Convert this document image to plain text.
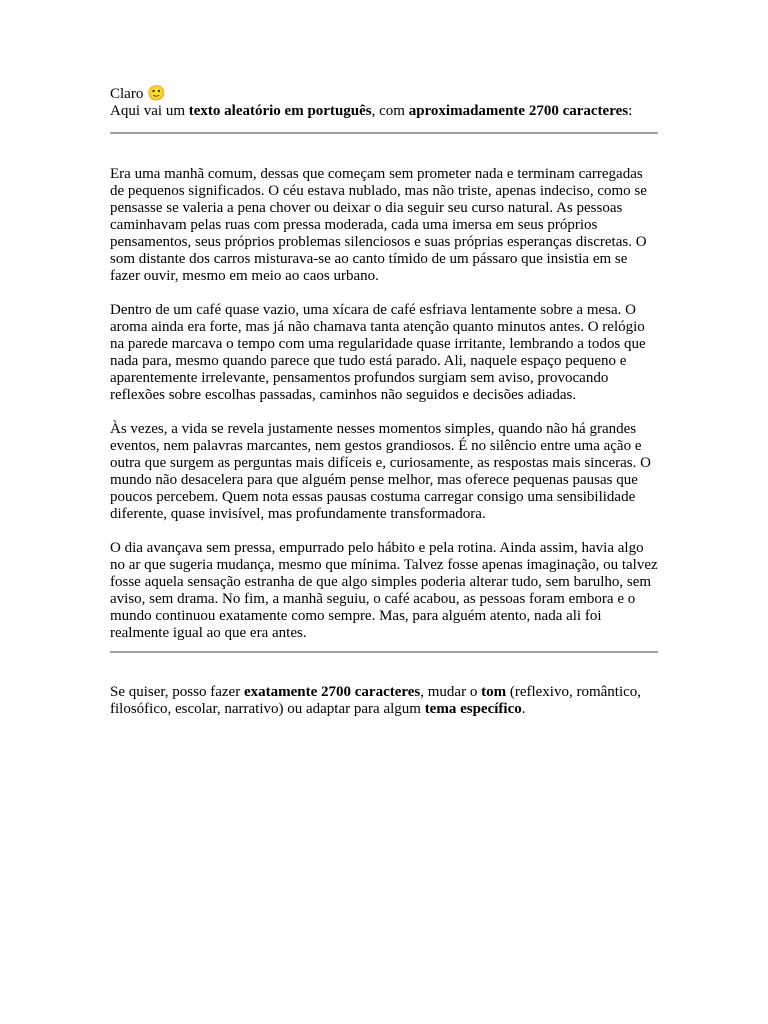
Claro 🙂
Aqui vai um texto aleatório em português, com aproximadamente 2700 caracteres:

Era uma manhã comum, dessas que começam sem prometer nada e terminam carregadas de pequenos significados. O céu estava nublado, mas não triste, apenas indeciso, como se pensasse se valeria a pena chover ou deixar o dia seguir seu curso natural. As pessoas caminhavam pelas ruas com pressa moderada, cada uma imersa em seus próprios pensamentos, seus próprios problemas silenciosos e suas próprias esperanças discretas. O som distante dos carros misturava-se ao canto tímido de um pássaro que insistia em se fazer ouvir, mesmo em meio ao caos urbano.

Dentro de um café quase vazio, uma xícara de café esfriava lentamente sobre a mesa. O aroma ainda era forte, mas já não chamava tanta atenção quanto minutos antes. O relógio na parede marcava o tempo com uma regularidade quase irritante, lembrando a todos que nada para, mesmo quando parece que tudo está parado. Ali, naquele espaço pequeno e aparentemente irrelevante, pensamentos profundos surgiam sem aviso, provocando reflexões sobre escolhas passadas, caminhos não seguidos e decisões adiadas.

Às vezes, a vida se revela justamente nesses momentos simples, quando não há grandes eventos, nem palavras marcantes, nem gestos grandiosos. É no silêncio entre uma ação e outra que surgem as perguntas mais difíceis e, curiosamente, as respostas mais sinceras. O mundo não desacelera para que alguém pense melhor, mas oferece pequenas pausas que poucos percebem. Quem nota essas pausas costuma carregar consigo uma sensibilidade diferente, quase invisível, mas profundamente transformadora.

O dia avançava sem pressa, empurrado pelo hábito e pela rotina. Ainda assim, havia algo no ar que sugeria mudança, mesmo que mínima. Talvez fosse apenas imaginação, ou talvez fosse aquela sensação estranha de que algo simples poderia alterar tudo, sem barulho, sem aviso, sem drama. No fim, a manhã seguiu, o café acabou, as pessoas foram embora e o mundo continuou exatamente como sempre. Mas, para alguém atento, nada ali foi realmente igual ao que era antes.

Se quiser, posso fazer exatamente 2700 caracteres, mudar o tom (reflexivo, romântico, filosófico, escolar, narrativo) ou adaptar para algum tema específico.
